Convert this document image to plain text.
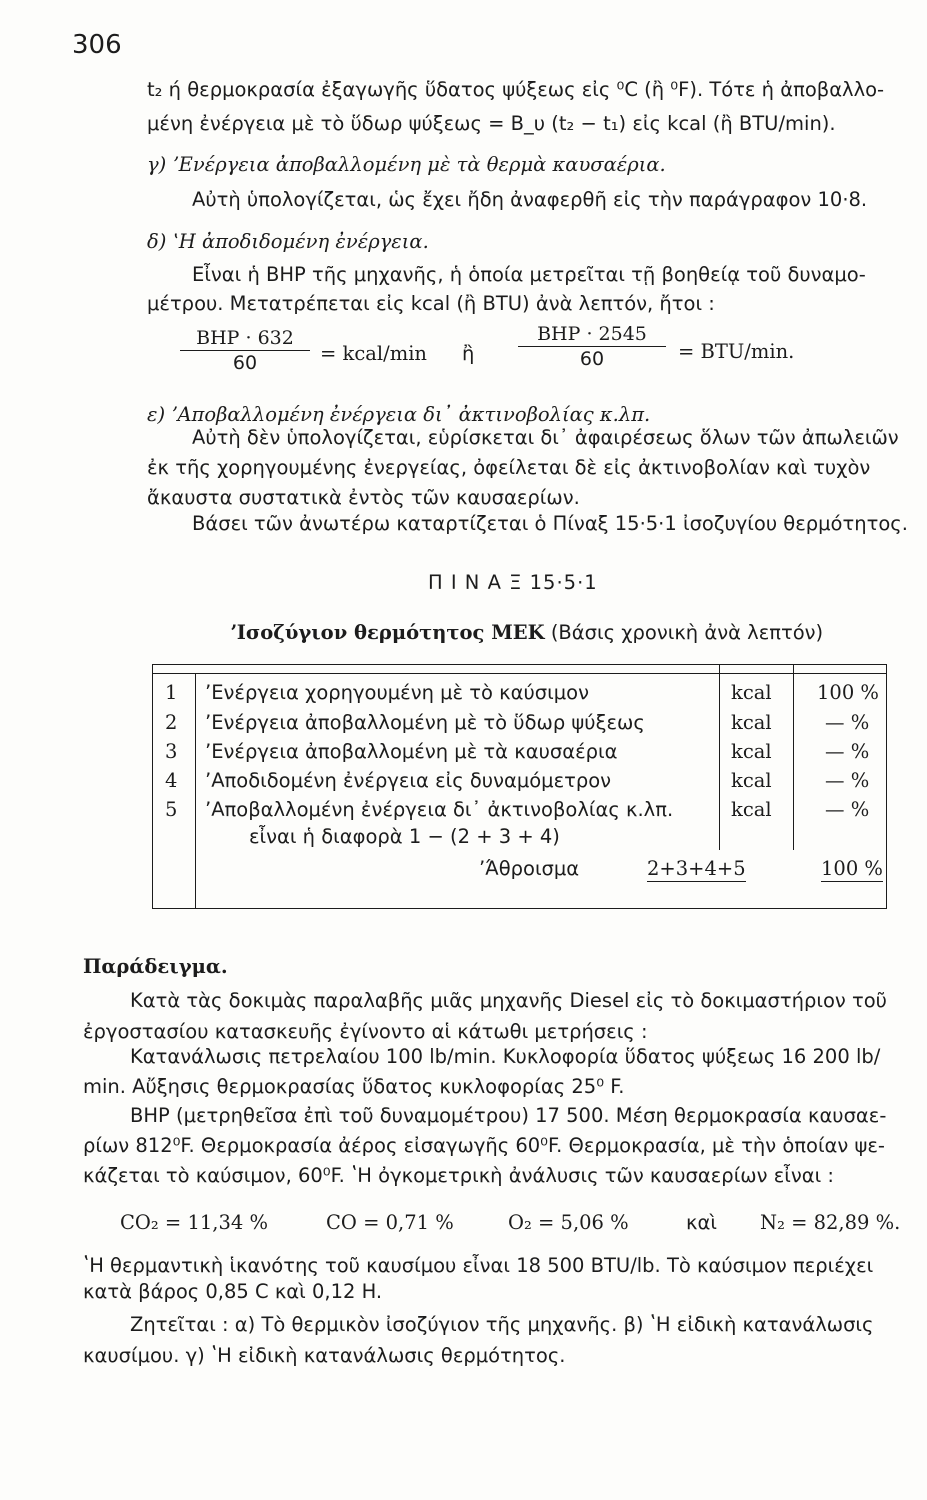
306
t₂ ή θερμοκρασία ἐξαγωγῆς ὕδατος ψύξεως εἰς ⁰C (ἢ ⁰F). Τότε ἡ ἀποβαλλο-
μένη ἐνέργεια μὲ τὸ ὕδωρ ψύξεως = B_υ (t₂ − t₁) εἰς kcal (ἢ BTU/min).
γ) ʼΕνέργεια ἀποβαλλομένη μὲ τὰ θερμὰ καυσαέρια.
Αὐτὴ ὑπολογίζεται, ὡς ἔχει ἤδη ἀναφερθῆ εἰς τὴν παράγραφον 10·8.
δ) ʽΗ ἀποδιδομένη ἐνέργεια.
Εἶναι ἡ BHP τῆς μηχανῆς, ἡ ὁποία μετρεῖται τῇ βοηθείᾳ τοῦ δυναμο-
μέτρου. Μετατρέπεται εἰς kcal (ἢ BTU) ἀνὰ λεπτόν, ἤτοι :
BHP · 632
60	= kcal/min ἢ
BHP · 2545
60	= BTU/min.
ε) ʼΑποβαλλομένη ἐνέργεια δι᾿ ἀκτινοβολίας κ.λπ.
Αὐτὴ δὲν ὑπολογίζεται, εὑρίσκεται δι᾿ ἀφαιρέσεως ὅλων τῶν ἀπωλειῶν
ἐκ τῆς χορηγουμένης ἐνεργείας, ὀφείλεται δὲ εἰς ἀκτινοβολίαν καὶ τυχὸν
ἄκαυστα συστατικὰ ἐντὸς τῶν καυσαερίων.
Βάσει τῶν ἀνωτέρω καταρτίζεται ὁ Πίναξ 15·5·1 ἰσοζυγίου θερμότητος.
Π Ι Ν Α Ξ 15·5·1
ʼΙσοζύγιον θερμότητος ΜΕΚ (Βάσις χρονικὴ ἀνὰ λεπτόν)
1 ʼΕνέργεια χορηγουμένη μὲ τὸ καύσιμον	kcal 100 %
2 ʼΕνέργεια ἀποβαλλομένη μὲ τὸ ὕδωρ ψύξεως	kcal	— %
3 ʼΕνέργεια ἀποβαλλομένη μὲ τὰ καυσαέρια	kcal	— %
4 ʼΑποδιδομένη ἐνέργεια εἰς δυναμόμετρον	kcal	— %
5 ʼΑποβαλλομένη ἐνέργεια δι᾿ ἀκτινοβολίας κ.λπ.	kcal	— %
εἶναι ἡ διαφορὰ 1 − (2 + 3 + 4)
ʼΆθροισμα	2+3+4+5	100 %
Παράδειγμα.
Κατὰ τὰς δοκιμὰς παραλαβῆς μιᾶς μηχανῆς Diesel εἰς τὸ δοκιμαστήριον τοῦ
ἐργοστασίου κατασκευῆς ἐγίνοντο αἱ κάτωθι μετρήσεις :
Κατανάλωσις πετρελαίου 100 lb/min. Κυκλοφορία ὕδατος ψύξεως 16 200 lb/
min. Αὔξησις θερμοκρασίας ὕδατος κυκλοφορίας 25⁰ F.
BHP (μετρηθεῖσα ἐπὶ τοῦ δυναμομέτρου) 17 500. Μέση θερμοκρασία καυσαε-
ρίων 812⁰F. Θερμοκρασία ἀέρος εἰσαγωγῆς 60⁰F. Θερμοκρασία, μὲ τὴν ὁποίαν ψε-
κάζεται τὸ καύσιμον, 60⁰F. ʽΗ ὀγκομετρικὴ ἀνάλυσις τῶν καυσαερίων εἶναι :
CO₂ = 11,34 %	CO = 0,71 %	O₂ = 5,06 %	καὶ N₂ = 82,89 %.
ʽΗ θερμαντικὴ ἱκανότης τοῦ καυσίμου εἶναι 18 500 BTU/lb. Τὸ καύσιμον περιέχει
κατὰ βάρος 0,85 C καὶ 0,12 H.
Ζητεῖται : α) Τὸ θερμικὸν ἰσοζύγιον τῆς μηχανῆς. β) ʽΗ εἰδικὴ κατανάλωσις
καυσίμου. γ) ʽΗ εἰδικὴ κατανάλωσις θερμότητος.
